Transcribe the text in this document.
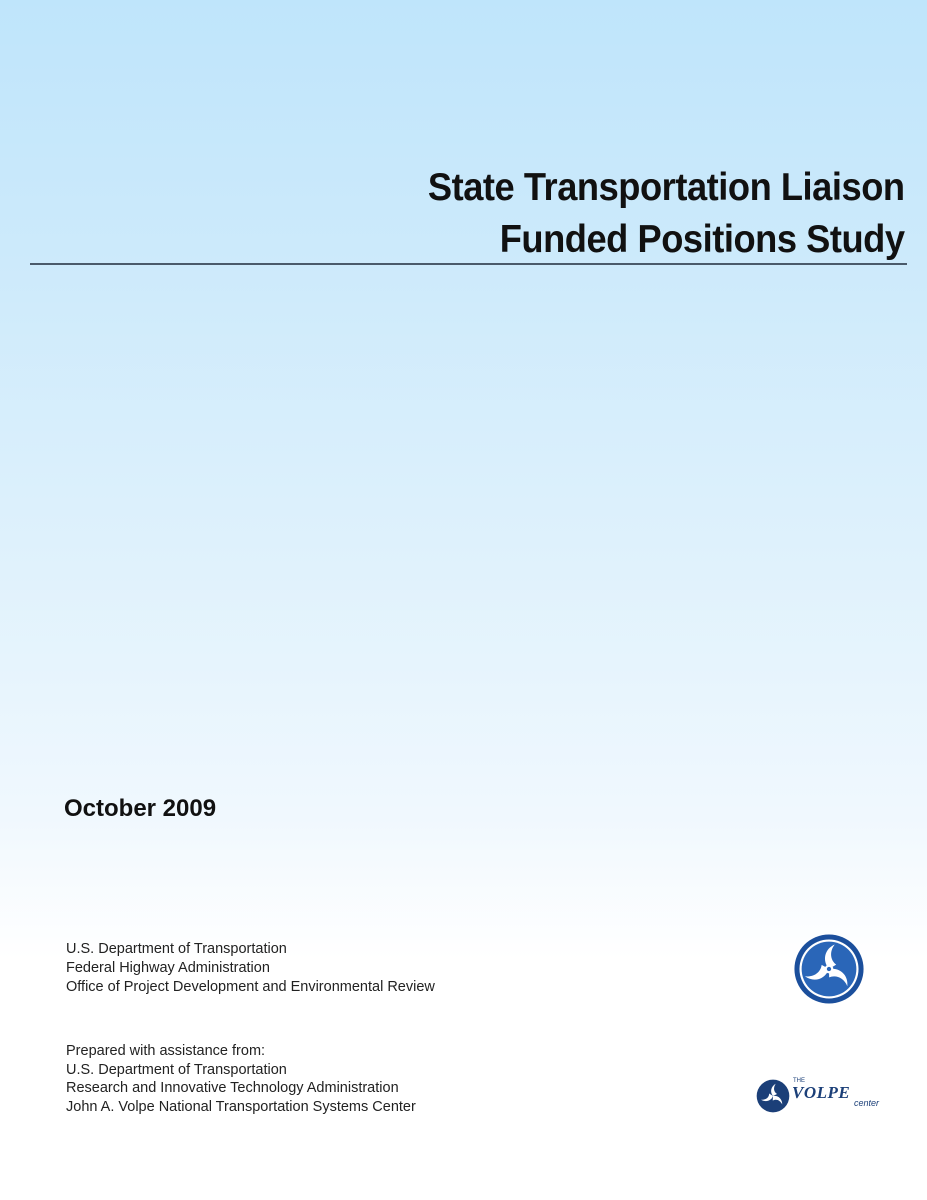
State Transportation Liaison
Funded Positions Study
October 2009
U.S. Department of Transportation
Federal Highway Administration
Office of Project Development and Environmental Review
Prepared with assistance from:
U.S. Department of Transportation
Research and Innovative Technology Administration
John A. Volpe National Transportation Systems Center
THE
VOLPE
center
